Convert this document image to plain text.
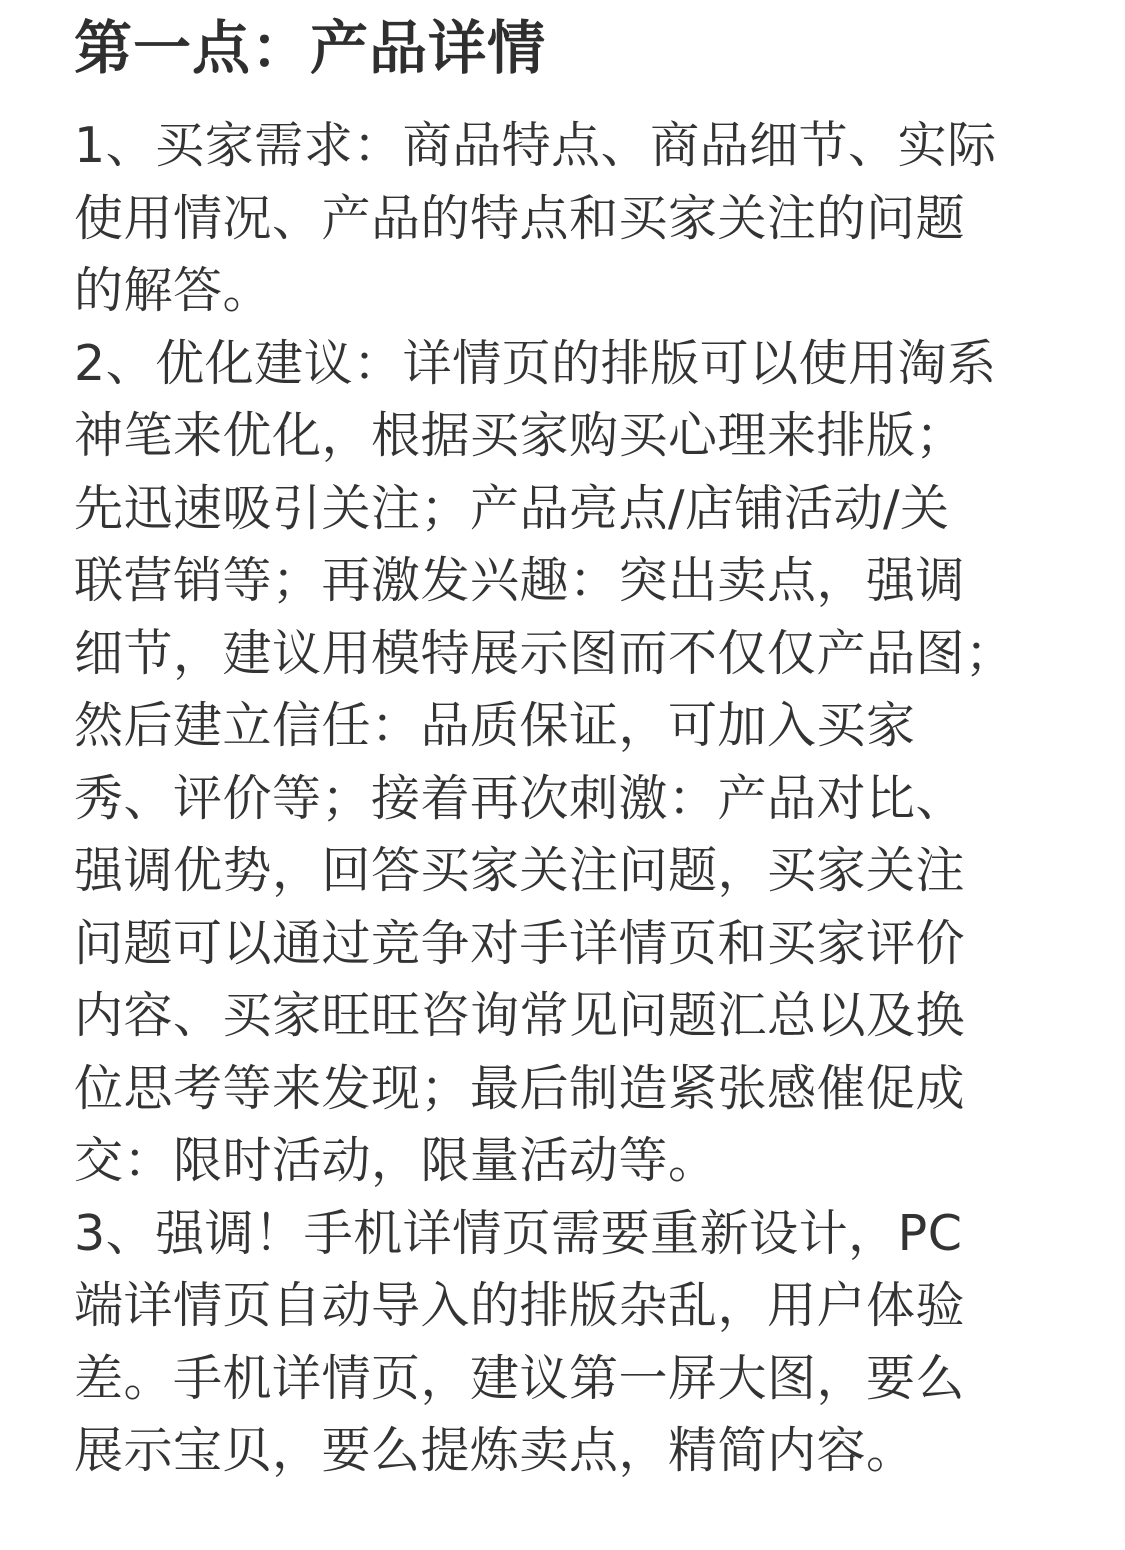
第一点：产品详情

1、买家需求：商品特点、商品细节、实际
使用情况、产品的特点和买家关注的问题
的解答。

2、优化建议：详情页的排版可以使用淘系
神笔来优化，根据买家购买心理来排版；
先迅速吸引关注；产品亮点/店铺活动/关
联营销等；再激发兴趣：突出卖点，强调
细节，建议用模特展示图而不仅仅产品图；
然后建立信任：品质保证，可加入买家
秀、评价等；接着再次刺激：产品对比、
强调优势，回答买家关注问题，买家关注
问题可以通过竞争对手详情页和买家评价
内容、买家旺旺咨询常见问题汇总以及换
位思考等来发现；最后制造紧张感催促成
交：限时活动，限量活动等。

3、强调！手机详情页需要重新设计，PC
端详情页自动导入的排版杂乱，用户体验
差。手机详情页，建议第一屏大图，要么
展示宝贝，要么提炼卖点，精简内容。
